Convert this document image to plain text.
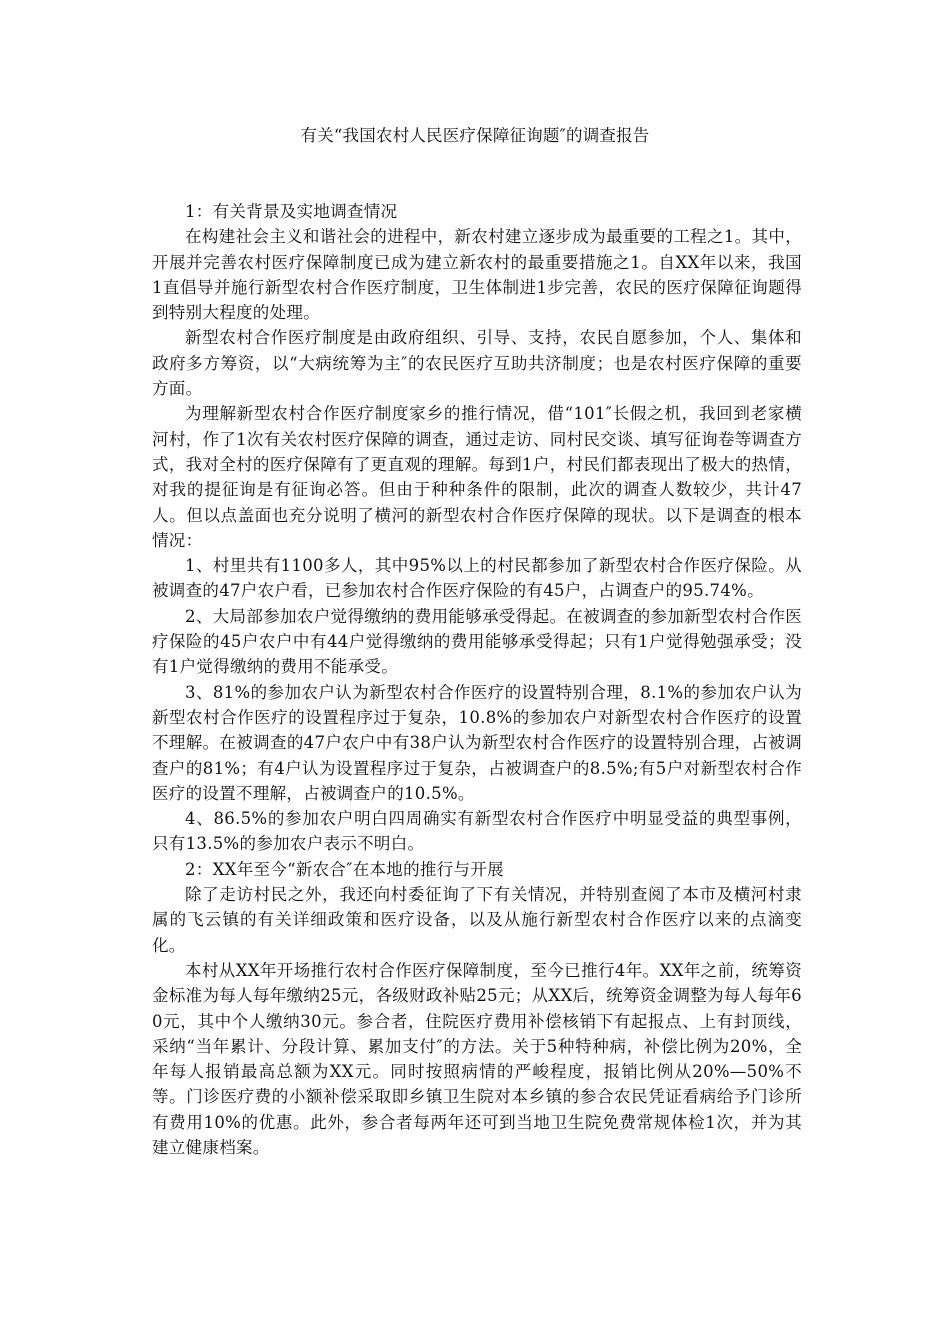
有关“我国农村人民医疗保障征询题″的调查报告

1：有关背景及实地调查情况

在构建社会主义和谐社会的进程中，新农村建立逐步成为最重要的工程之1。其中，开展并完善农村医疗保障制度已成为建立新农村的最重要措施之1。自XX年以来，我国1直倡导并施行新型农村合作医疗制度，卫生体制进1步完善，农民的医疗保障征询题得到特别大程度的处理。

新型农村合作医疗制度是由政府组织、引导、支持，农民自愿参加，个人、集体和政府多方筹资，以“大病统筹为主″的农民医疗互助共济制度；也是农村医疗保障的重要方面。

为理解新型农村合作医疗制度家乡的推行情况，借“101″长假之机，我回到老家横河村，作了1次有关农村医疗保障的调查，通过走访、同村民交谈、填写征询卷等调查方式，我对全村的医疗保障有了更直观的理解。每到1户，村民们都表现出了极大的热情，对我的提征询是有征询必答。但由于种种条件的限制，此次的调查人数较少，共计47人。但以点盖面也充分说明了横河的新型农村合作医疗保障的现状。以下是调查的根本情况：

1、村里共有1100多人，其中95%以上的村民都参加了新型农村合作医疗保险。从被调查的47户农户看，已参加农村合作医疗保险的有45户，占调查户的95.74%。

2、大局部参加农户觉得缴纳的费用能够承受得起。在被调查的参加新型农村合作医疗保险的45户农户中有44户觉得缴纳的费用能够承受得起；只有1户觉得勉强承受；没有1户觉得缴纳的费用不能承受。

3、81%的参加农户认为新型农村合作医疗的设置特别合理，8.1%的参加农户认为新型农村合作医疗的设置程序过于复杂，10.8%的参加农户对新型农村合作医疗的设置不理解。在被调查的47户农户中有38户认为新型农村合作医疗的设置特别合理，占被调查户的81%；有4户认为设置程序过于复杂，占被调查户的8.5%;有5户对新型农村合作医疗的设置不理解，占被调查户的10.5%。

4、86.5%的参加农户明白四周确实有新型农村合作医疗中明显受益的典型事例，只有13.5%的参加农户表示不明白。

2：XX年至今“新农合″在本地的推行与开展

除了走访村民之外，我还向村委征询了下有关情况，并特别查阅了本市及横河村隶属的飞云镇的有关详细政策和医疗设备，以及从施行新型农村合作医疗以来的点滴变化。

本村从XX年开场推行农村合作医疗保障制度，至今已推行4年。XX年之前，统筹资金标准为每人每年缴纳25元，各级财政补贴25元；从XX后，统筹资金调整为每人每年60元，其中个人缴纳30元。参合者，住院医疗费用补偿核销下有起报点、上有封顶线，采纳“当年累计、分段计算、累加支付″的方法。关于5种特种病，补偿比例为20%，全年每人报销最高总额为XX元。同时按照病情的严峻程度，报销比例从20%—50%不等。门诊医疗费的小额补偿采取即乡镇卫生院对本乡镇的参合农民凭证看病给予门诊所有费用10%的优惠。此外，参合者每两年还可到当地卫生院免费常规体检1次，并为其建立健康档案。
